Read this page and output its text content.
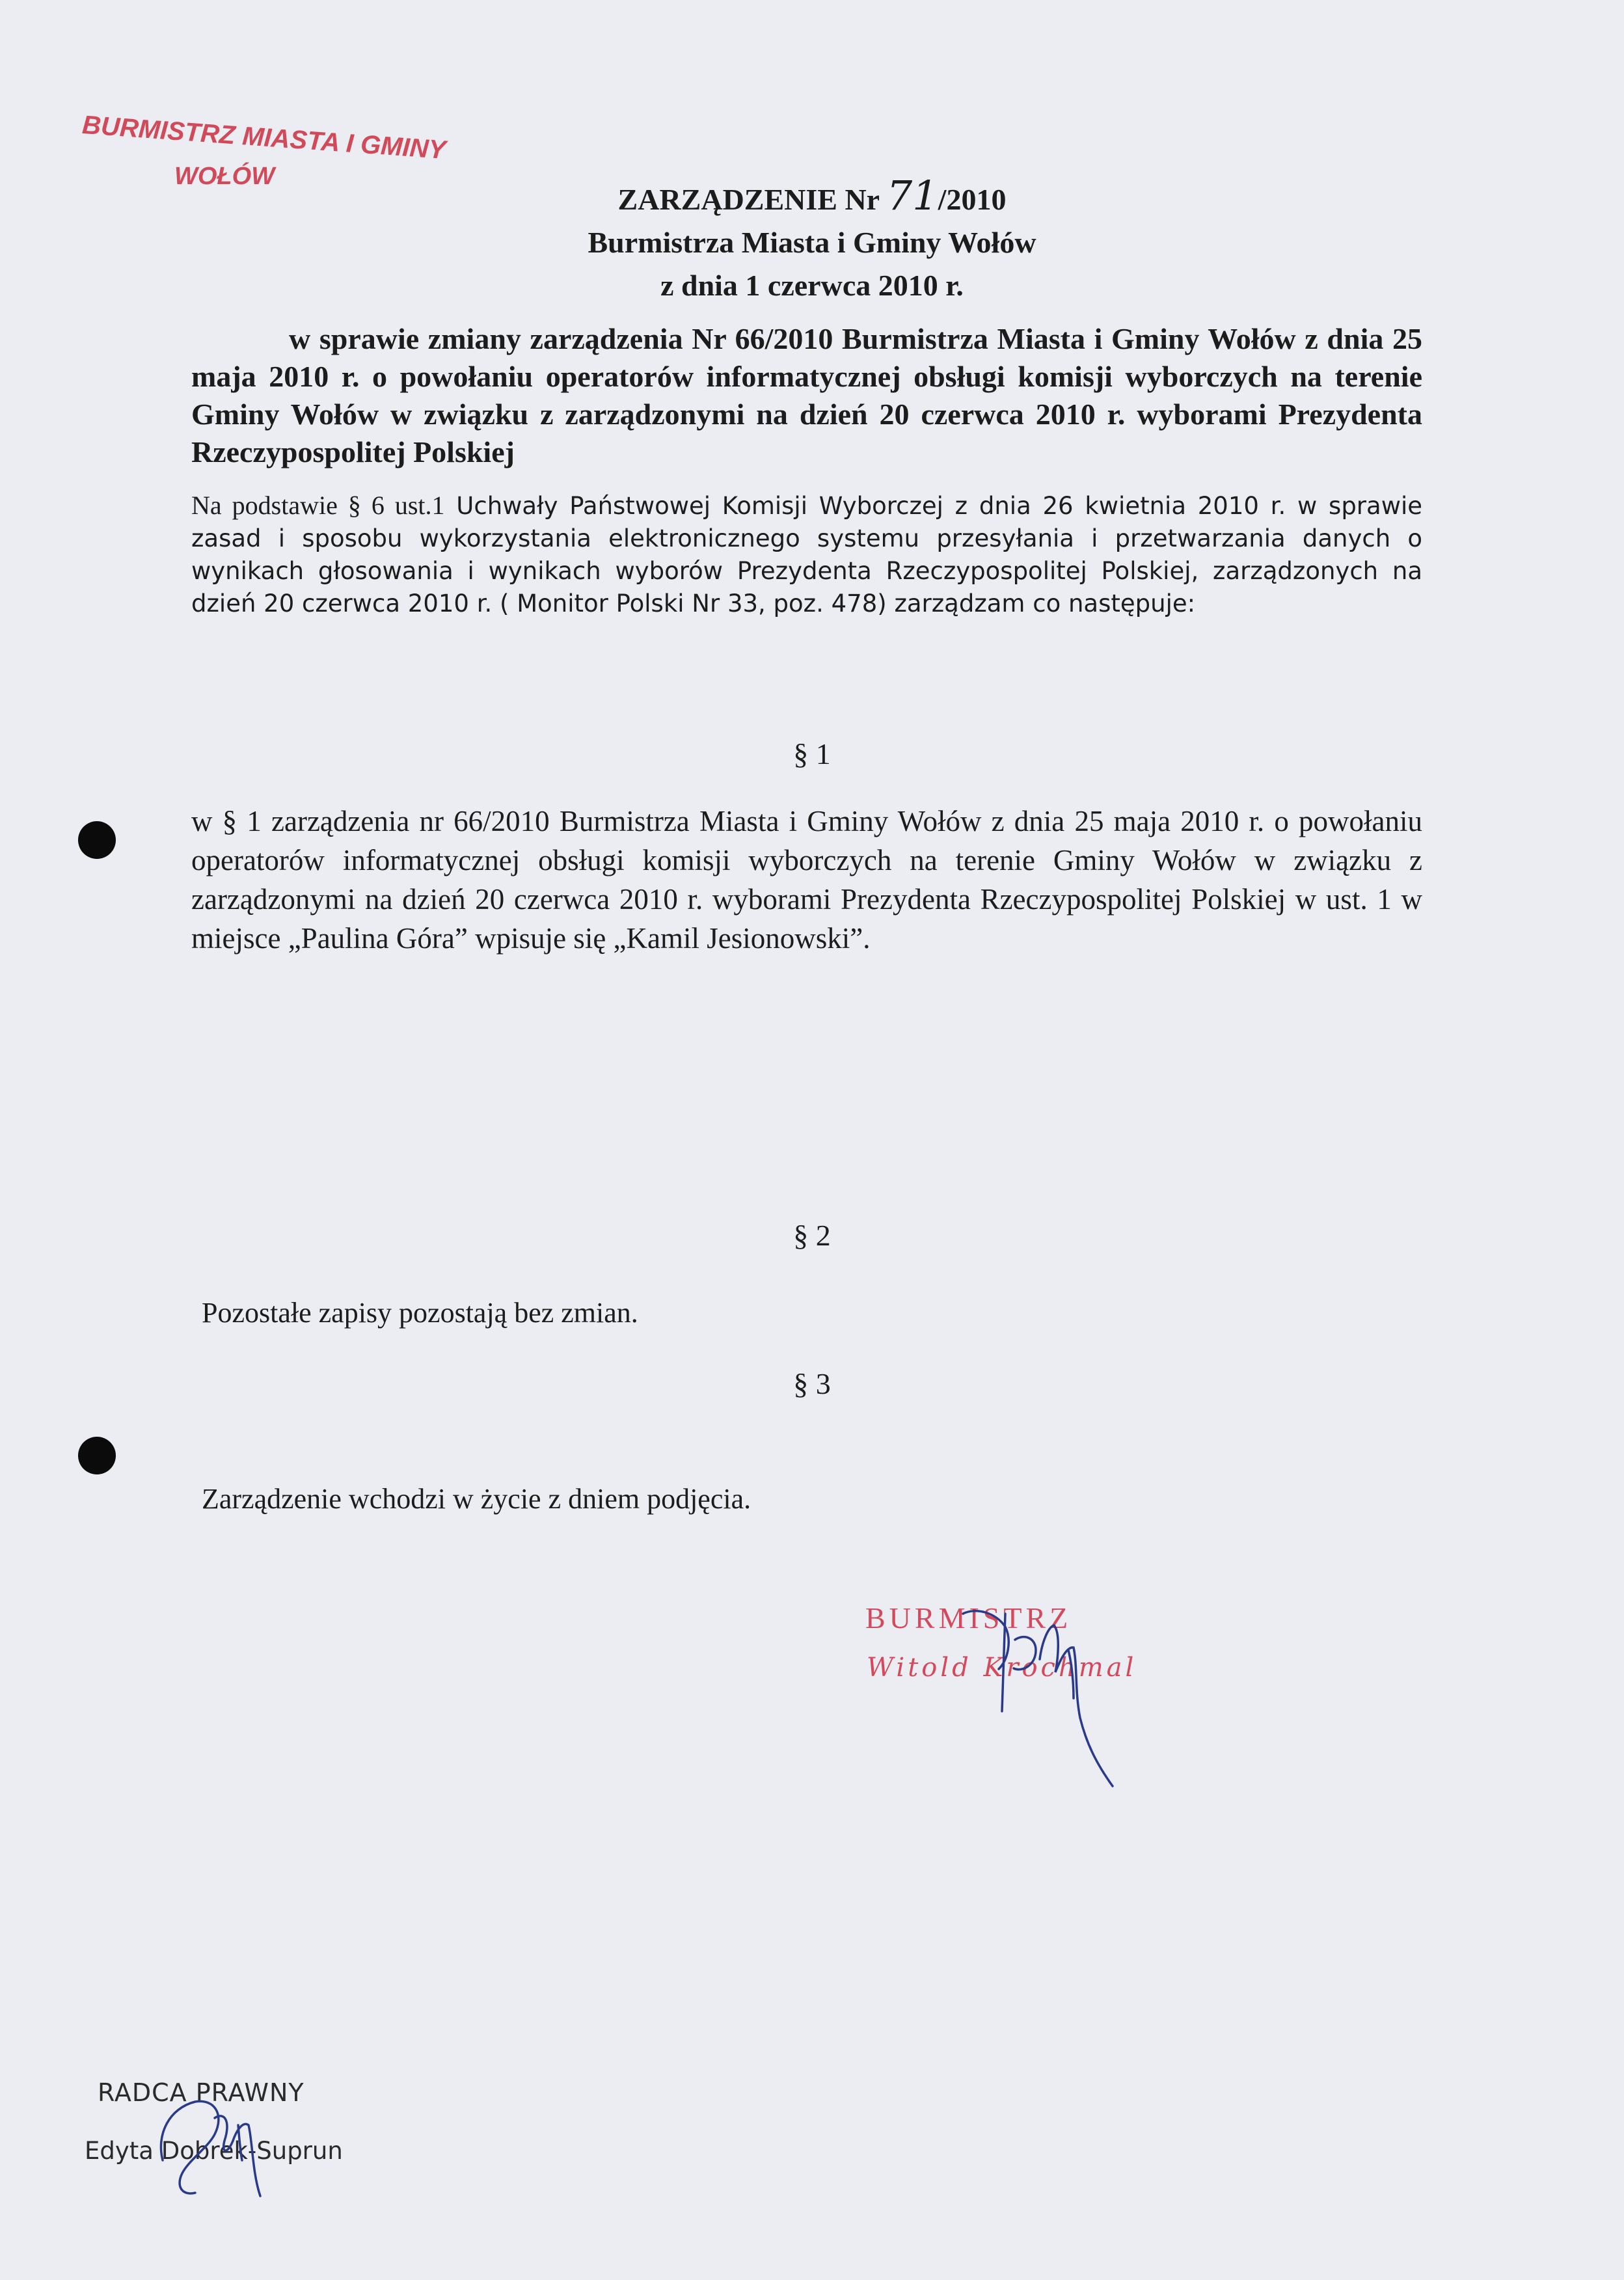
BURMISTRZ MIASTA I GMINY
WOŁÓW
ZARZĄDZENIE Nr 71/2010
Burmistrza Miasta i Gminy Wołów
z dnia 1 czerwca 2010 r.
w sprawie zmiany zarządzenia Nr 66/2010 Burmistrza Miasta i Gminy Wołów z dnia 25 maja 2010 r. o powołaniu operatorów informatycznej obsługi komisji wyborczych na terenie Gminy Wołów w związku z zarządzonymi na dzień 20 czerwca 2010 r. wyborami Prezydenta Rzeczypospolitej Polskiej
Na podstawie § 6 ust.1 Uchwały Państwowej Komisji Wyborczej z dnia 26 kwietnia 2010 r. w sprawie zasad i sposobu wykorzystania elektronicznego systemu przesyłania i przetwarzania danych o wynikach głosowania i wynikach wyborów Prezydenta Rzeczypospolitej Polskiej, zarządzonych na dzień 20 czerwca 2010 r. ( Monitor Polski Nr 33, poz. 478) zarządzam co następuje:
§ 1
w § 1 zarządzenia nr 66/2010 Burmistrza Miasta i Gminy Wołów z dnia 25 maja 2010 r. o powołaniu operatorów informatycznej obsługi komisji wyborczych na terenie Gminy Wołów w związku z zarządzonymi na dzień 20 czerwca 2010 r. wyborami Prezydenta Rzeczypospolitej Polskiej w ust. 1 w miejsce „Paulina Góra” wpisuje się „Kamil Jesionowski”.
§ 2
Pozostałe zapisy pozostają bez zmian.
§ 3
Zarządzenie wchodzi w życie z dniem podjęcia.
BURMISTRZ
Witold Krochmal
RADCA PRAWNY
Edyta Dobrek-Suprun
